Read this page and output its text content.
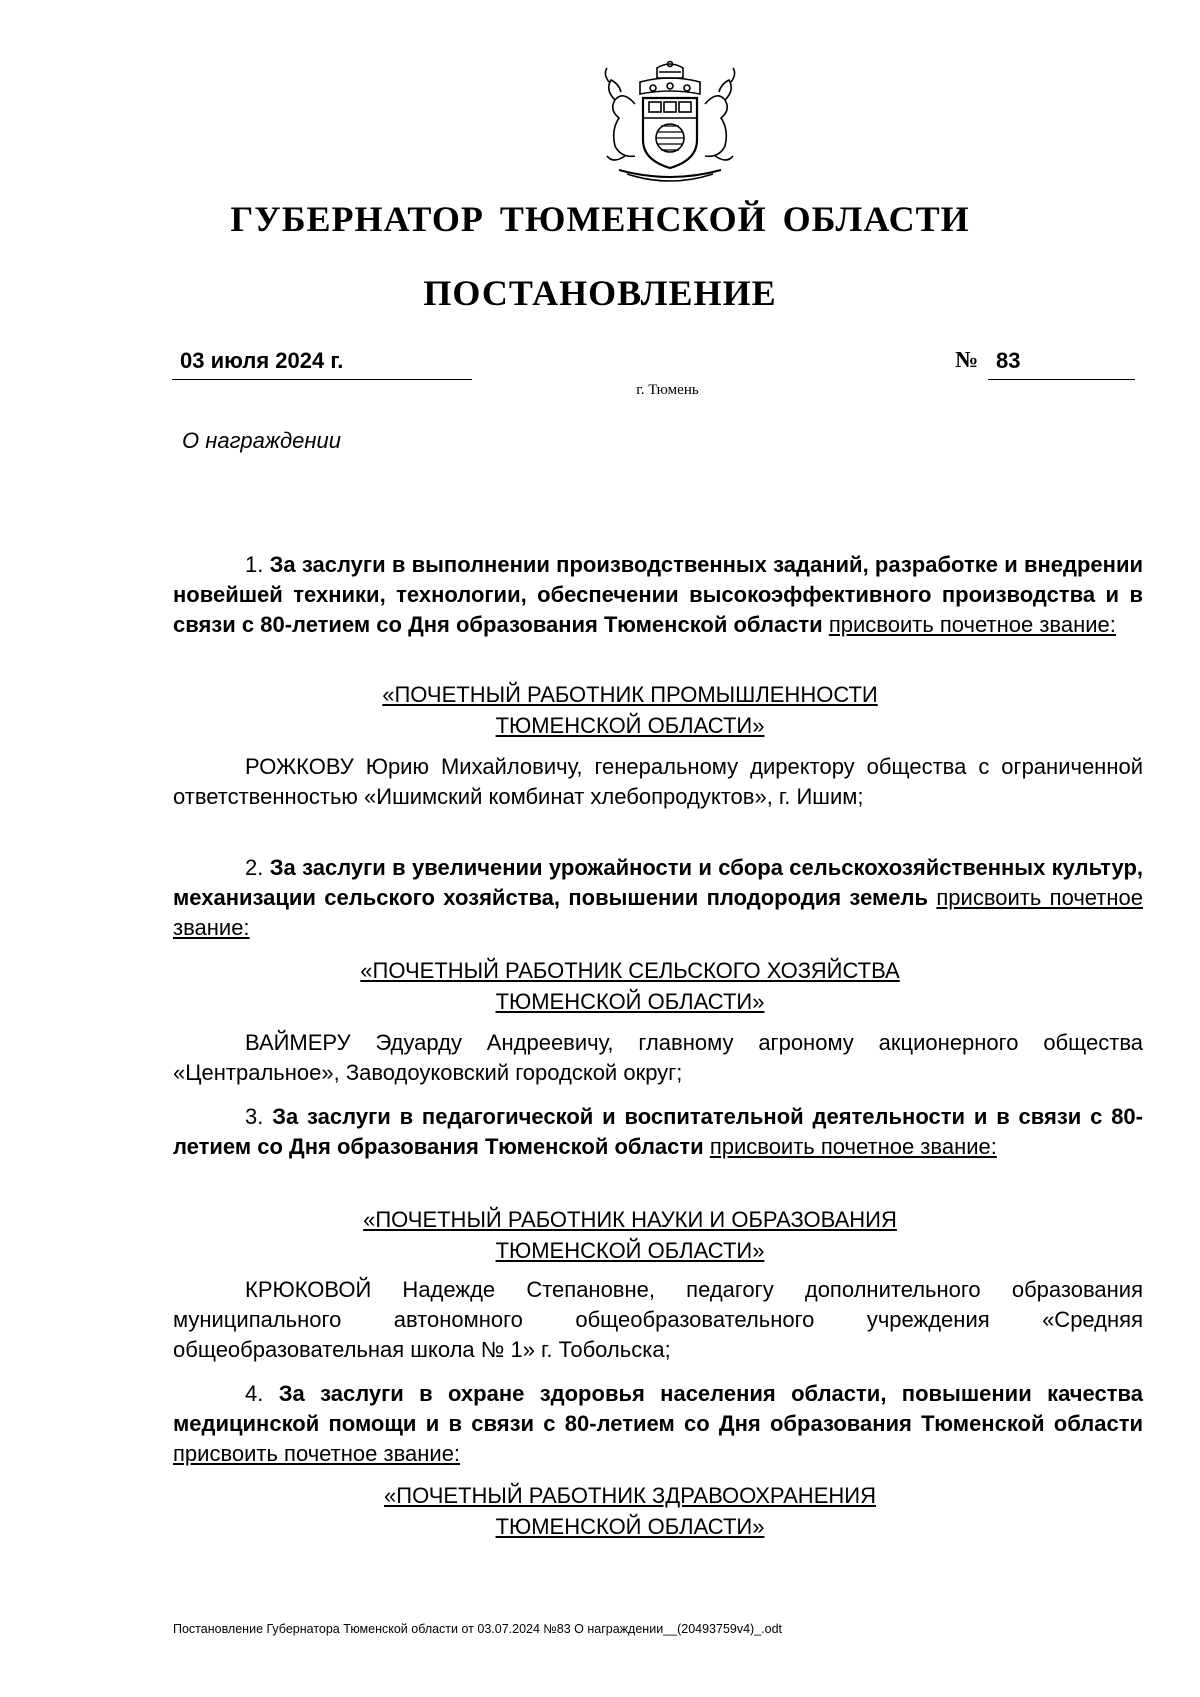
ГУБЕРНАТОР ТЮМЕНСКОЙ ОБЛАСТИ
ПОСТАНОВЛЕНИЕ
03 июля 2024 г.	№ 83
г. Тюмень
О награждении
1. За заслуги в выполнении производственных заданий, разработке и внедрении новейшей техники, технологии, обеспечении высокоэффективного производства и в связи с 80-летием со Дня образования Тюменской области присвоить почетное звание:
«ПОЧЕТНЫЙ РАБОТНИК ПРОМЫШЛЕННОСТИ
ТЮМЕНСКОЙ ОБЛАСТИ»
РОЖКОВУ Юрию Михайловичу, генеральному директору общества с ограниченной ответственностью «Ишимский комбинат хлебопродуктов», г. Ишим;
2. За заслуги в увеличении урожайности и сбора сельскохозяйственных культур, механизации сельского хозяйства, повышении плодородия земель присвоить почетное звание:
«ПОЧЕТНЫЙ РАБОТНИК СЕЛЬСКОГО ХОЗЯЙСТВА
ТЮМЕНСКОЙ ОБЛАСТИ»
ВАЙМЕРУ Эдуарду Андреевичу, главному агроному акционерного общества «Центральное», Заводоуковский городской округ;
3. За заслуги в педагогической и воспитательной деятельности и в связи с 80-летием со Дня образования Тюменской области присвоить почетное звание:
«ПОЧЕТНЫЙ РАБОТНИК НАУКИ И ОБРАЗОВАНИЯ
ТЮМЕНСКОЙ ОБЛАСТИ»
КРЮКОВОЙ Надежде Степановне, педагогу дополнительного образования муниципального автономного общеобразовательного учреждения «Средняя общеобразовательная школа № 1» г. Тобольска;
4. За заслуги в охране здоровья населения области, повышении качества медицинской помощи и в связи с 80-летием со Дня образования Тюменской области присвоить почетное звание:
«ПОЧЕТНЫЙ РАБОТНИК ЗДРАВООХРАНЕНИЯ
ТЮМЕНСКОЙ ОБЛАСТИ»
Постановление Губернатора Тюменской области от 03.07.2024 №83 О награждении__(20493759v4)_.odt
